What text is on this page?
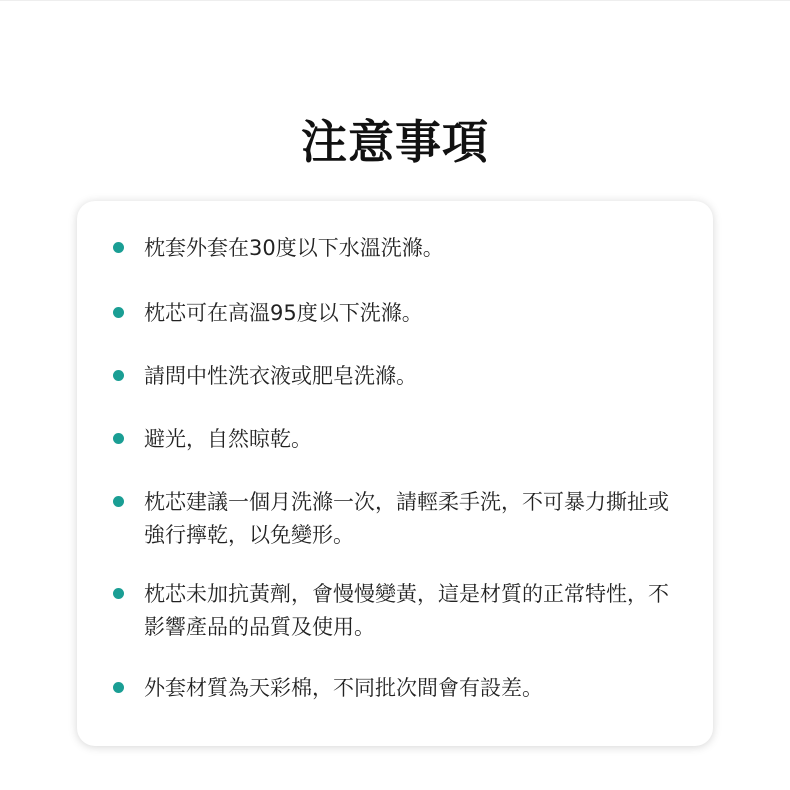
注意事項
枕套外套在30度以下水溫洗滌。
枕芯可在高溫95度以下洗滌。
請問中性洗衣液或肥皂洗滌。
避光，自然晾乾。
枕芯建議一個月洗滌一次，請輕柔手洗，不可暴力撕扯或強行擰乾，以免變形。
枕芯未加抗黃劑，會慢慢變黃，這是材質的正常特性，不影響產品的品質及使用。
外套材質為天彩棉，不同批次間會有設差。
